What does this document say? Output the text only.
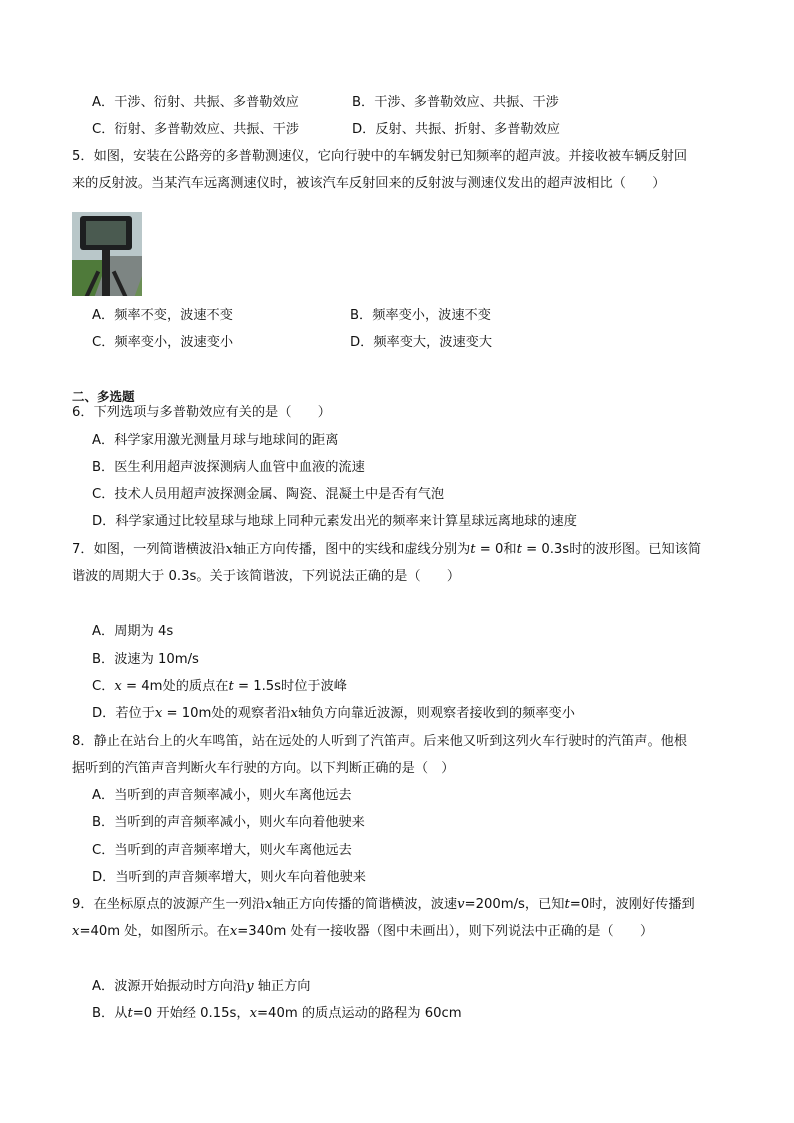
A．干涉、衍射、共振、多普勒效应	B．干涉、多普勒效应、共振、干涉
C．衍射、多普勒效应、共振、干涉	D．反射、共振、折射、多普勒效应
5．如图，安装在公路旁的多普勒测速仪，它向行驶中的车辆发射已知频率的超声波。并接收被车辆反射回
来的反射波。当某汽车远离测速仪时，被该汽车反射回来的反射波与测速仪发出的超声波相比（　　）
A．频率不变，波速不变	B．频率变小，波速不变
C．频率变小，波速变小	D．频率变大，波速变大
二、多选题
6．下列选项与多普勒效应有关的是（　　）
A．科学家用激光测量月球与地球间的距离
B．医生利用超声波探测病人血管中血液的流速
C．技术人员用超声波探测金属、陶瓷、混凝土中是否有气泡
D．科学家通过比较星球与地球上同种元素发出光的频率来计算星球远离地球的速度
7．如图，一列简谐横波沿x轴正方向传播，图中的实线和虚线分别为t = 0和t = 0.3s时的波形图。已知该简
谐波的周期大于 0.3s。关于该简谐波，下列说法正确的是（　　）
A．周期为 4s
B．波速为 10m/s
C．x = 4m处的质点在t = 1.5s时位于波峰
D．若位于x = 10m处的观察者沿x轴负方向靠近波源，则观察者接收到的频率变小
8．静止在站台上的火车鸣笛，站在远处的人听到了汽笛声。后来他又听到这列火车行驶时的汽笛声。他根
据听到的汽笛声音判断火车行驶的方向。以下判断正确的是（　）
A．当听到的声音频率减小，则火车离他远去
B．当听到的声音频率减小，则火车向着他驶来
C．当听到的声音频率增大，则火车离他远去
D．当听到的声音频率增大，则火车向着他驶来
9．在坐标原点的波源产生一列沿x轴正方向传播的简谐横波，波速v=200m/s，已知t=0时，波刚好传播到
x=40m 处，如图所示。在x=340m 处有一接收器（图中未画出），则下列说法中正确的是（　　）
A．波源开始振动时方向沿y 轴正方向
B．从t=0 开始经 0.15s，x=40m 的质点运动的路程为 60cm
